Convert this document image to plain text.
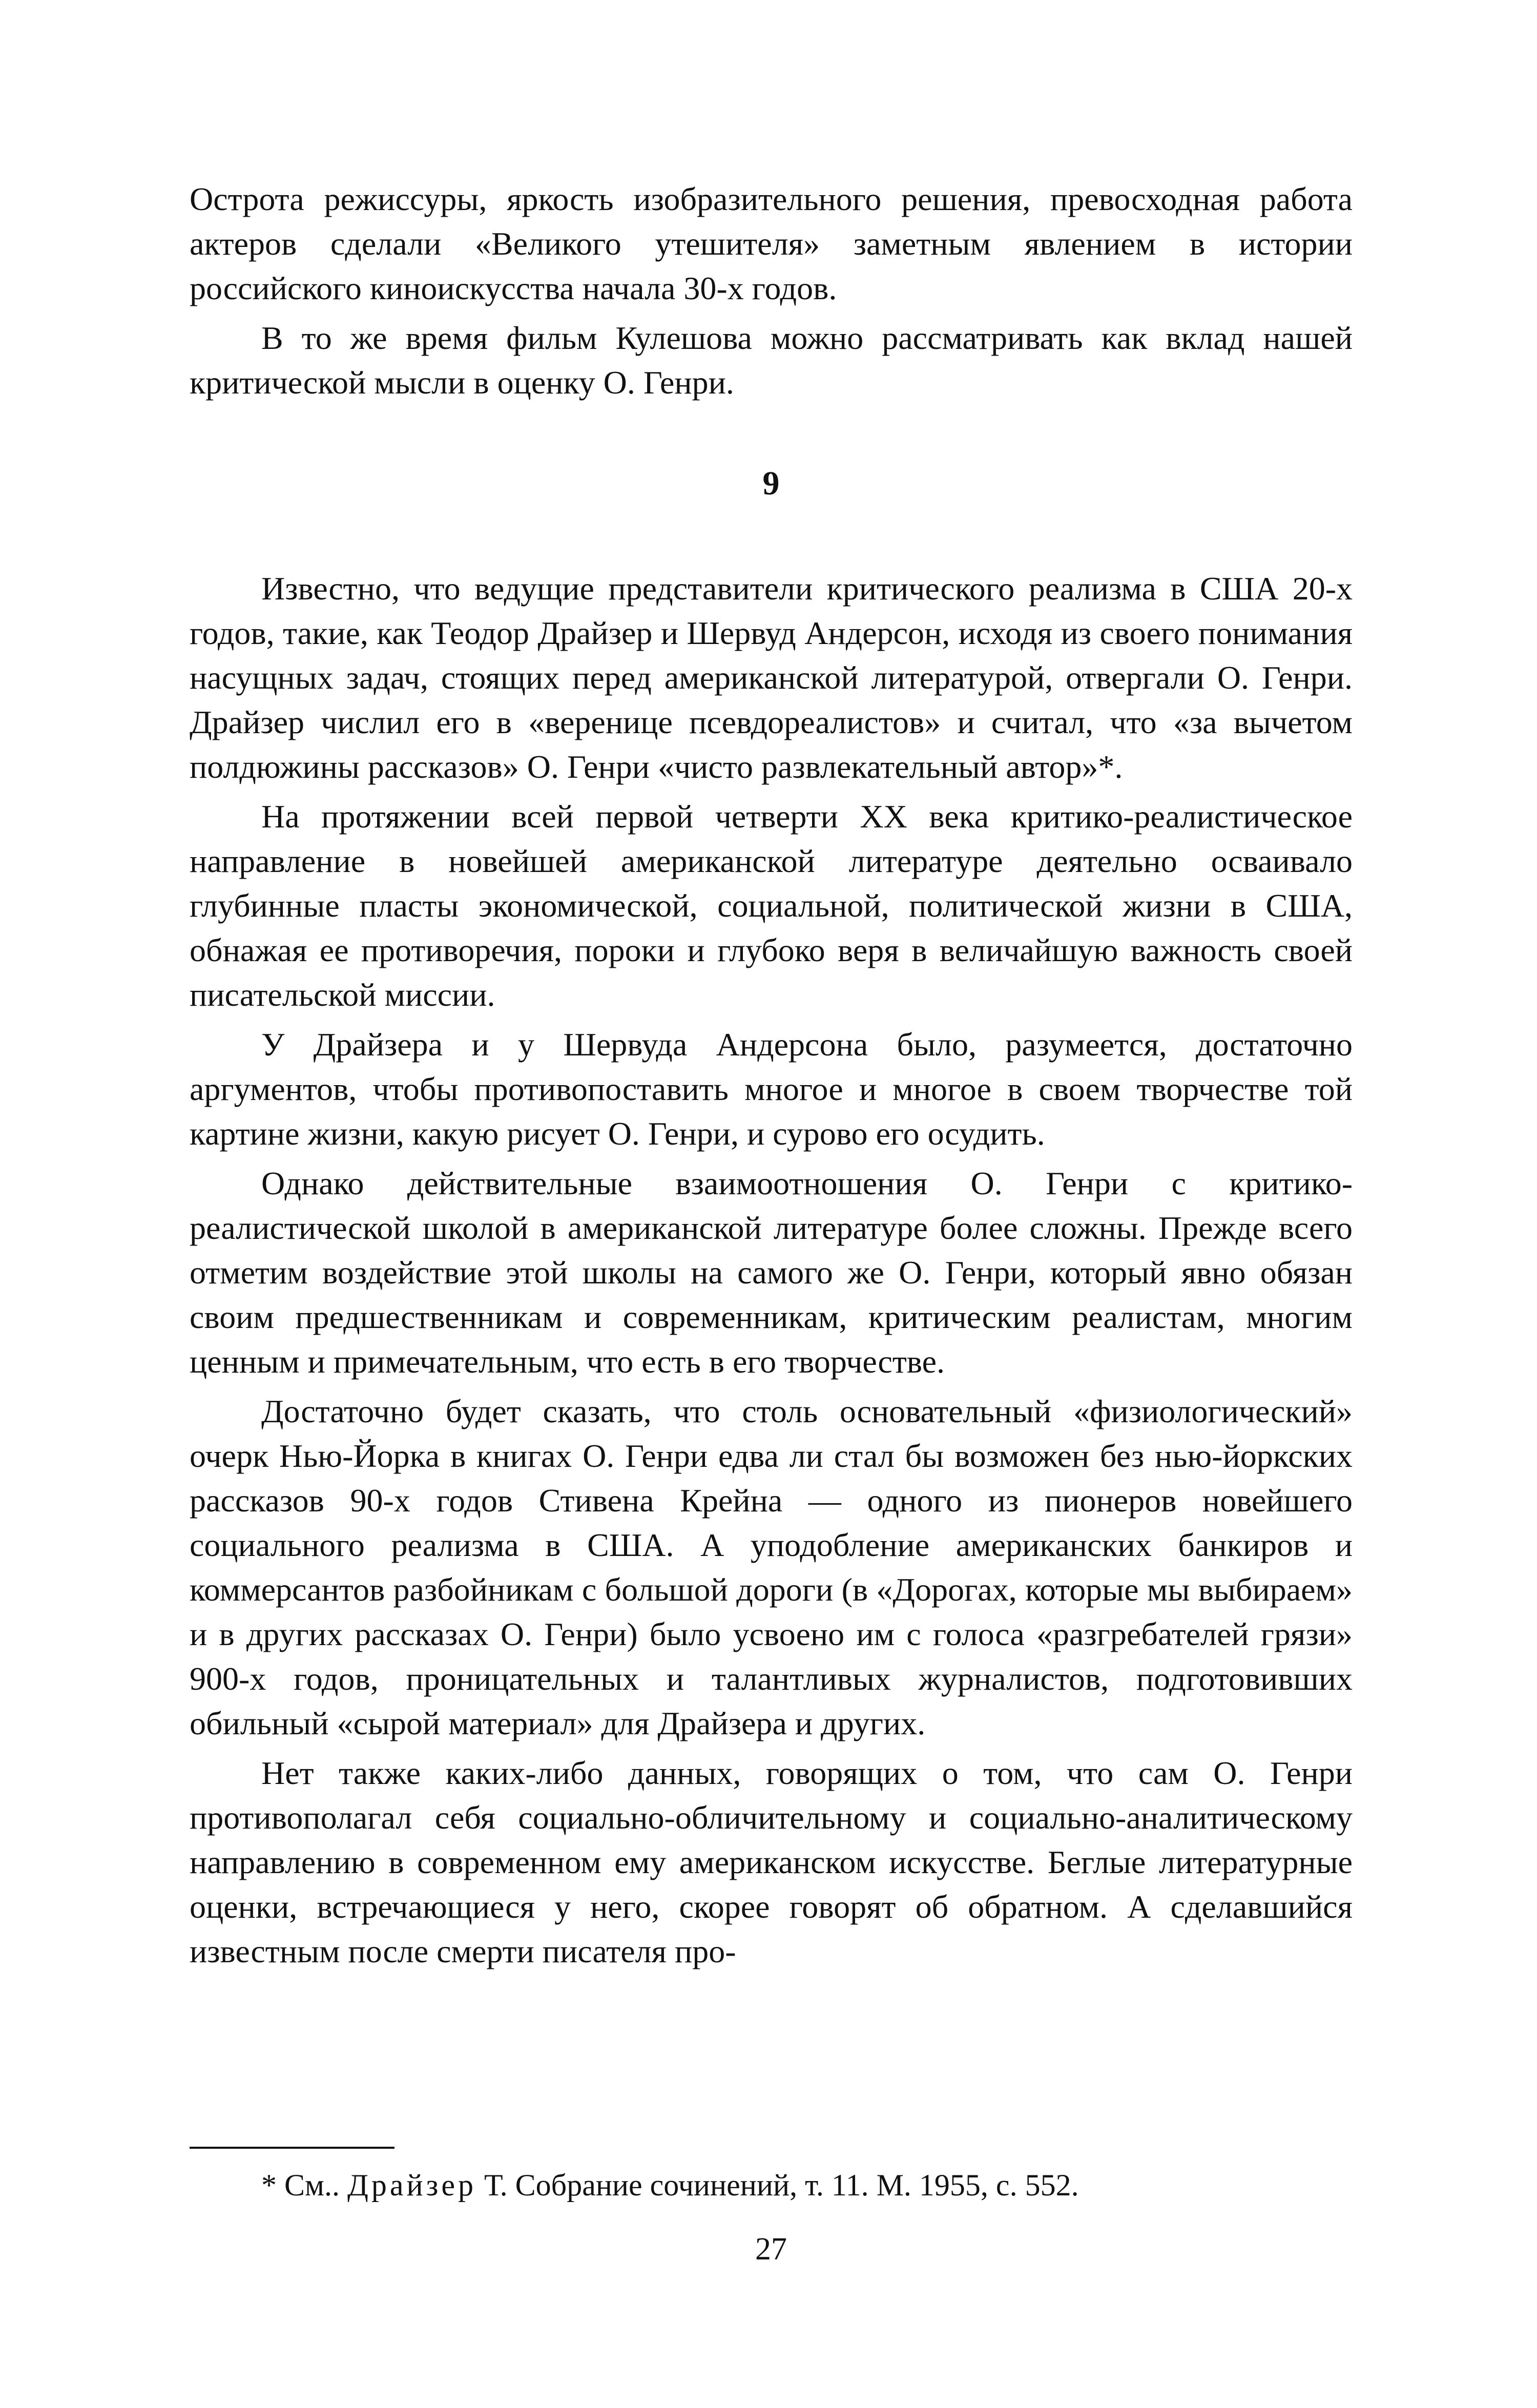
Острота режиссуры, яркость изобразительного решения, превосходная работа актеров сделали «Великого утешителя» заметным явлением в истории российского киноискусства начала 30-х годов.

В то же время фильм Кулешова можно рассматривать как вклад нашей критической мысли в оценку О. Генри.

9

Известно, что ведущие представители критического реализма в США 20-х годов, такие, как Теодор Драйзер и Шервуд Андерсон, исходя из своего понимания насущных задач, стоящих перед американской литературой, отвергали О. Генри. Драйзер числил его в «вереницe псевдореалистов» и считал, что «за вычетом полдюжины рассказов» О. Генри «чисто развлекательный автор»*.

На протяжении всей первой четверти XX века критико-реалистическое направление в новейшей американской литературе деятельно осваивало глубинные пласты экономической, социальной, политической жизни в США, обнажая ее противоречия, пороки и глубоко веря в величайшую важность своей писательской миссии.

У Драйзера и у Шервуда Андерсона было, разумеется, достаточно аргументов, чтобы противопоставить многое и многое в своем творчестве той картине жизни, какую рисует О. Генри, и сурово его осудить.

Однако действительные взаимоотношения О. Генри с критико-реалистической школой в американской литературе более сложны. Прежде всего отметим воздействие этой школы на самого же О. Генри, который явно обязан своим предшественникам и современникам, критическим реалистам, многим ценным и примечательным, что есть в его творчестве.

Достаточно будет сказать, что столь основательный «физиологический» очерк Нью-Йорка в книгах О. Генри едва ли стал бы возможен без нью-йоркских рассказов 90-х годов Стивена Крейна — одного из пионеров новейшего социального реализма в США. А уподобление американских банкиров и коммерсантов разбойникам с большой дороги (в «Дорогах, которые мы выбираем» и в других рассказах О. Генри) было усвоено им с голоса «разгребателей грязи» 900-х годов, проницательных и талантливых журналистов, подготовивших обильный «сырой материал» для Драйзера и других.

Нет также каких-либо данных, говорящих о том, что сам О. Генри противополагал себя социально-обличительному и социально-аналитическому направлению в современном ему американском искусстве. Беглые литературные оценки, встречающиеся у него, скорее говорят об обратном. А сделавшийся известным после смерти писателя про-

* См.. Драйзер Т. Собрание сочинений, т. 11. М. 1955, с. 552.

27
